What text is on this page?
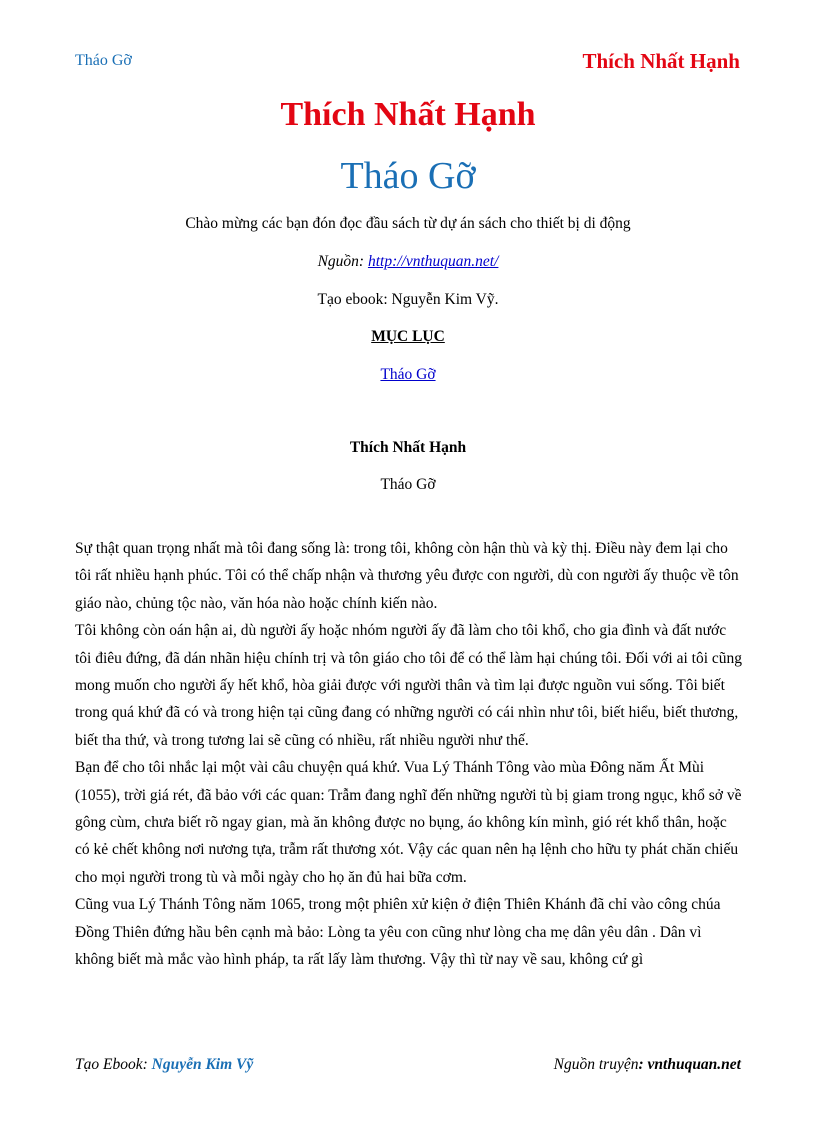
Tháo Gỡ	Thích Nhất Hạnh
Thích Nhất Hạnh
Tháo Gỡ
Chào mừng các bạn đón đọc đầu sách từ dự án sách cho thiết bị di động
Nguồn: http://vnthuquan.net/
Tạo ebook: Nguyễn Kim Vỹ.
MỤC LỤC
Tháo Gỡ
Thích Nhất Hạnh
Tháo Gỡ

Sự thật quan trọng nhất mà tôi đang sống là: trong tôi, không còn hận thù và kỳ thị. Điều này đem lại cho tôi rất nhiều hạnh phúc. Tôi có thể chấp nhận và thương yêu được con người, dù con người ấy thuộc về tôn giáo nào, chủng tộc nào, văn hóa nào hoặc chính kiến nào.

Tôi không còn oán hận ai, dù người ấy hoặc nhóm người ấy đã làm cho tôi khổ, cho gia đình và đất nước tôi điêu đứng, đã dán nhãn hiệu chính trị và tôn giáo cho tôi để có thể làm hại chúng tôi. Đối với ai tôi cũng mong muốn cho người ấy hết khổ, hòa giải được với người thân và tìm lại được nguồn vui sống. Tôi biết trong quá khứ đã có và trong hiện tại cũng đang có những người có cái nhìn như tôi, biết hiểu, biết thương, biết tha thứ, và trong tương lai sẽ cũng có nhiều, rất nhiều người như thế.

Bạn để cho tôi nhắc lại một vài câu chuyện quá khứ. Vua Lý Thánh Tông vào mùa Đông năm Ất Mùi (1055), trời giá rét, đã bảo với các quan: Trẫm đang nghĩ đến những người tù bị giam trong ngục, khổ sở về gông cùm, chưa biết rõ ngay gian, mà ăn không được no bụng, áo không kín mình, gió rét khổ thân, hoặc có kẻ chết không nơi nương tựa, trẫm rất thương xót. Vậy các quan nên hạ lệnh cho hữu ty phát chăn chiếu cho mọi người trong tù và mỗi ngày cho họ ăn đủ hai bữa cơm.

Cũng vua Lý Thánh Tông năm 1065, trong một phiên xử kiện ở điện Thiên Khánh đã chỉ vào công chúa Đồng Thiên đứng hầu bên cạnh mà bảo: Lòng ta yêu con cũng như lòng cha mẹ dân yêu dân . Dân vì không biết mà mắc vào hình pháp, ta rất lấy làm thương. Vậy thì từ nay về sau, không cứ gì

Tạo Ebook: Nguyễn Kim Vỹ	Nguồn truyện: vnthuquan.net
